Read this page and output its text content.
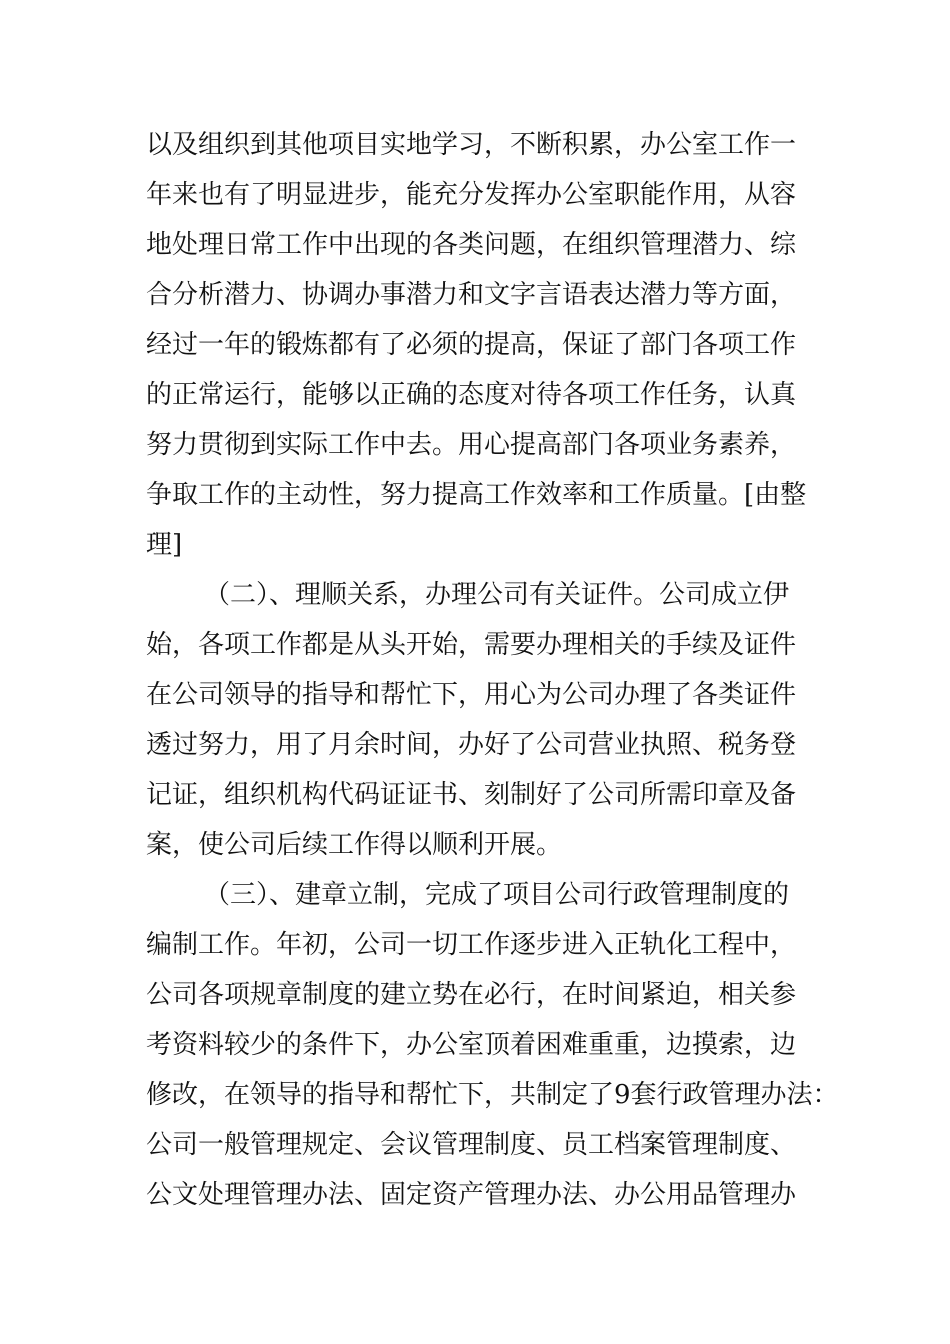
以及组织到其他项目实地学习，不断积累，办公室工作一
年来也有了明显进步，能充分发挥办公室职能作用，从容
地处理日常工作中出现的各类问题，在组织管理潜力、综
合分析潜力、协调办事潜力和文字言语表达潜力等方面，
经过一年的锻炼都有了必须的提高，保证了部门各项工作
的正常运行，能够以正确的态度对待各项工作任务，认真
努力贯彻到实际工作中去。用心提高部门各项业务素养，
争取工作的主动性，努力提高工作效率和工作质量。[由整
理]
（二）、理顺关系，办理公司有关证件。公司成立伊
始，各项工作都是从头开始，需要办理相关的手续及证件
在公司领导的指导和帮忙下，用心为公司办理了各类证件
透过努力，用了月余时间，办好了公司营业执照、税务登
记证，组织机构代码证证书、刻制好了公司所需印章及备
案，使公司后续工作得以顺利开展。
（三）、建章立制，完成了项目公司行政管理制度的
编制工作。年初，公司一切工作逐步进入正轨化工程中，
公司各项规章制度的建立势在必行，在时间紧迫，相关参
考资料较少的条件下，办公室顶着困难重重，边摸索，边
修改，在领导的指导和帮忙下，共制定了9套行政管理办法：
公司一般管理规定、会议管理制度、员工档案管理制度、
公文处理管理办法、固定资产管理办法、办公用品管理办
